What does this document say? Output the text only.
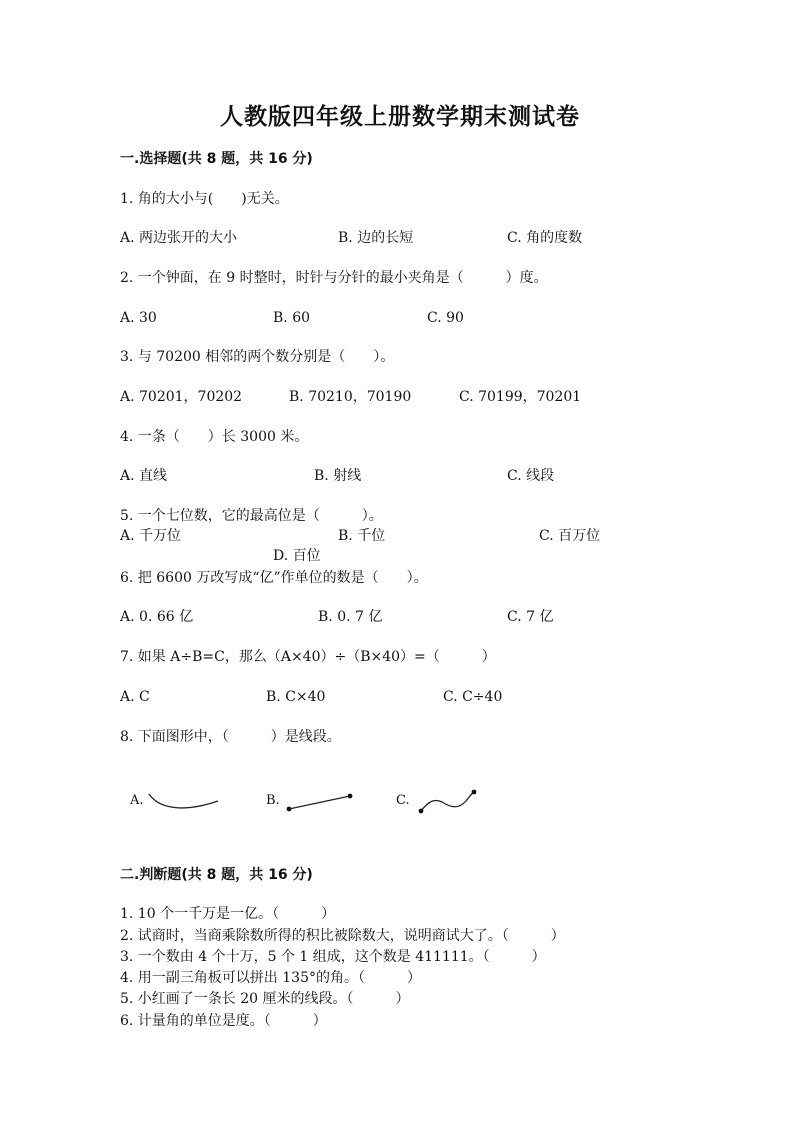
人教版四年级上册数学期末测试卷
一.选择题(共 8 题，共 16 分)
1. 角的大小与(　　)无关。
A. 两边张开的大小	B. 边的长短	C. 角的度数
2. 一个钟面，在 9 时整时，时针与分针的最小夹角是（　　　）度。
A. 30	B. 60	C. 90
3. 与 70200 相邻的两个数分别是（　　）。
A. 70201，70202	B. 70210，70190	C. 70199，70201
4. 一条（　　）长 3000 米。
A. 直线	B. 射线	C. 线段
5. 一个七位数，它的最高位是（　　　）。
A. 千万位	B. 千位	C. 百万位
D. 百位
6. 把 6600 万改写成“亿”作单位的数是（　　）。
A. 0. 66 亿	B. 0. 7 亿	C. 7 亿
7. 如果 A÷B=C，那么（A×40）÷（B×40）=（　　　）
A. C	B. C×40	C. C÷40
8. 下面图形中，（　　　）是线段。
A.	B.	C.
二.判断题(共 8 题，共 16 分)
1. 10 个一千万是一亿。（　　　）
2. 试商时，当商乘除数所得的积比被除数大，说明商试大了。（　　　）
3. 一个数由 4 个十万，5 个 1 组成，这个数是 411111。（　　　）
4. 用一副三角板可以拼出 135°的角。（　　　）
5. 小红画了一条长 20 厘米的线段。（　　　）
6. 计量角的单位是度。（　　　）
